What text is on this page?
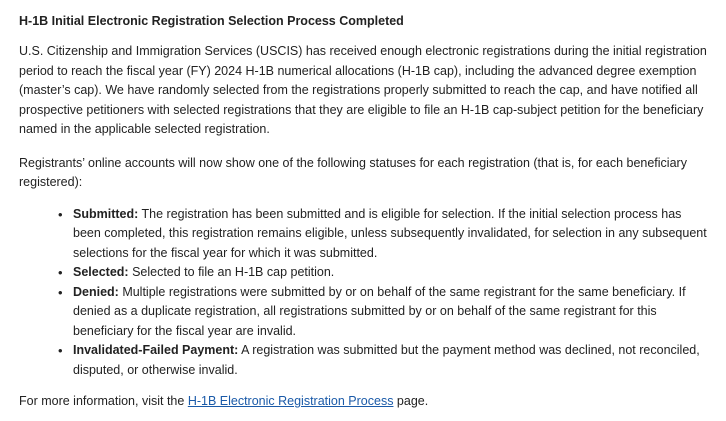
H-1B Initial Electronic Registration Selection Process Completed

U.S. Citizenship and Immigration Services (USCIS) has received enough electronic registrations during the initial registration period to reach the fiscal year (FY) 2024 H-1B numerical allocations (H-1B cap), including the advanced degree exemption (master’s cap). We have randomly selected from the registrations properly submitted to reach the cap, and have notified all prospective petitioners with selected registrations that they are eligible to file an H-1B cap-subject petition for the beneficiary named in the applicable selected registration.

Registrants’ online accounts will now show one of the following statuses for each registration (that is, for each beneficiary registered):

• Submitted: The registration has been submitted and is eligible for selection. If the initial selection process has been completed, this registration remains eligible, unless subsequently invalidated, for selection in any subsequent selections for the fiscal year for which it was submitted.
• Selected: Selected to file an H-1B cap petition.
• Denied: Multiple registrations were submitted by or on behalf of the same registrant for the same beneficiary. If denied as a duplicate registration, all registrations submitted by or on behalf of the same registrant for this beneficiary for the fiscal year are invalid.
• Invalidated-Failed Payment: A registration was submitted but the payment method was declined, not reconciled, disputed, or otherwise invalid.

For more information, visit the H-1B Electronic Registration Process page.
